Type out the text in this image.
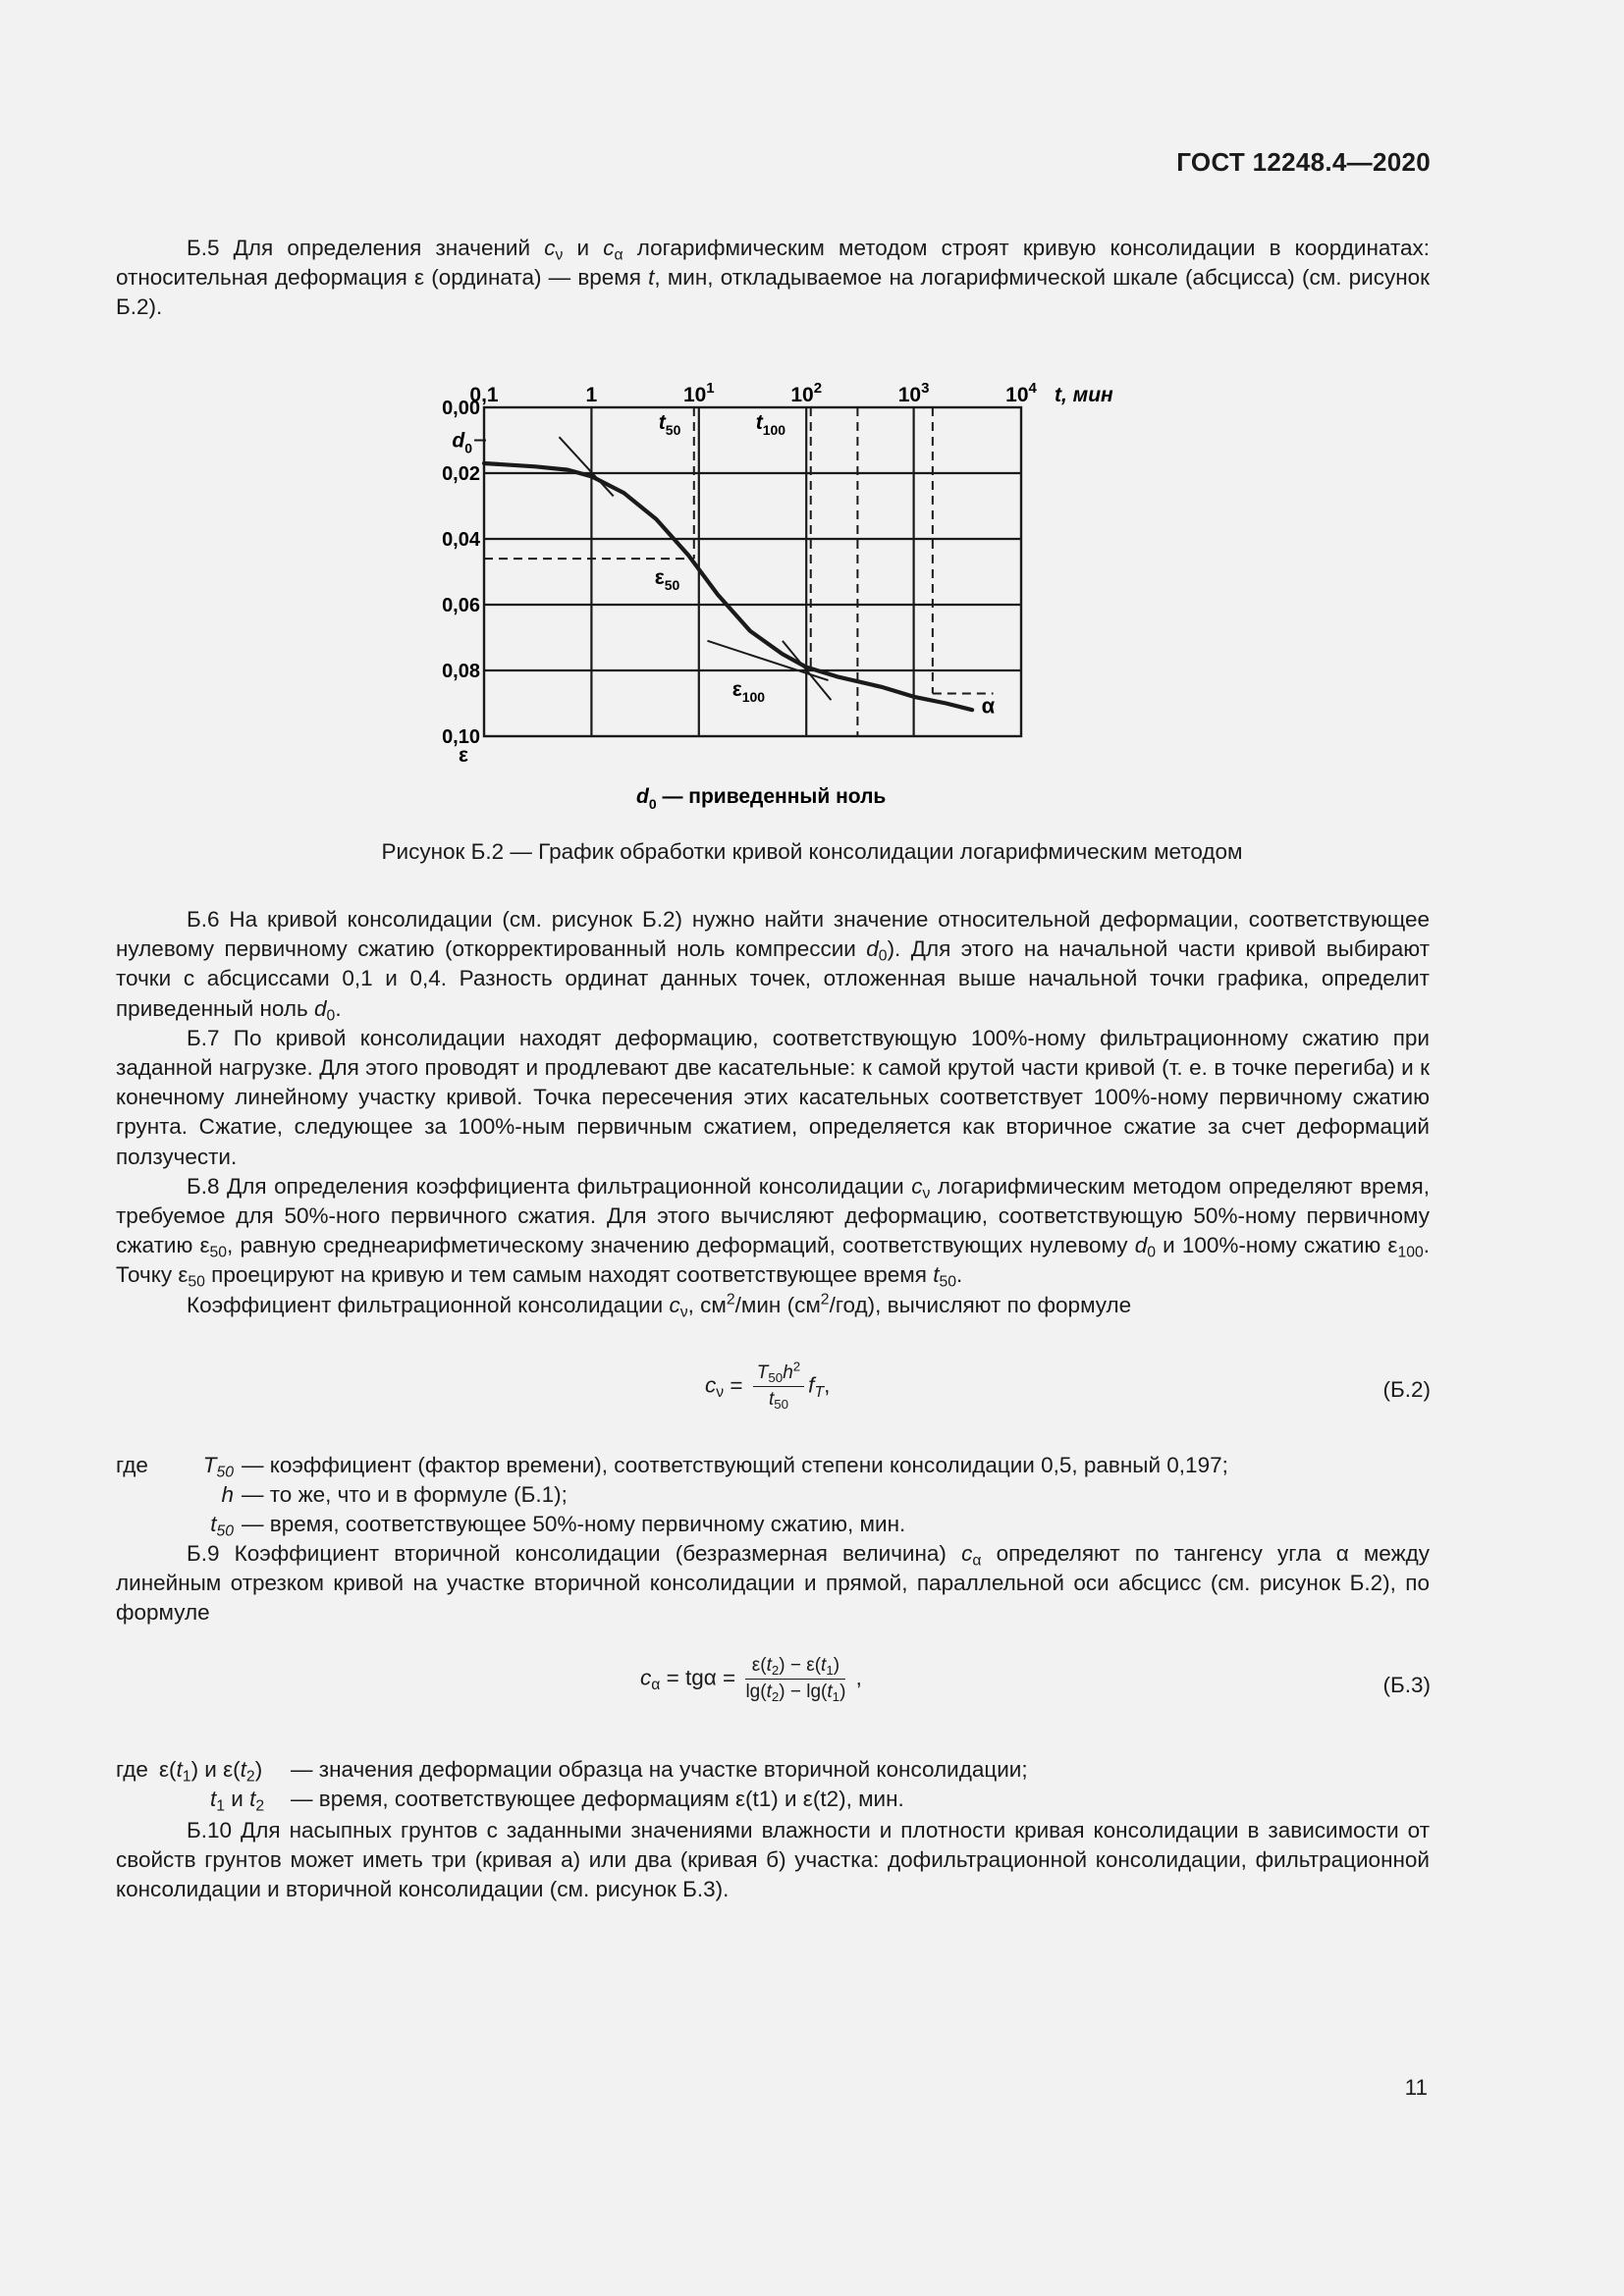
ГОСТ 12248.4—2020

Б.5 Для определения значений $c_\nu$ и $c_\alpha$ логарифмическим методом строят кривую консолидации в координатах: относительная деформация ε (ордината) — время t, мин, откладываемое на логарифмической шкале (абсцисса) (см. рисунок Б.2).

0,1	1	$10^1$	$10^2$	$10^3$	$10^4$ t, мин
0,00
0,02
0,04
0,06
0,08
0,10
ε
$d_0$
$t_{50}$	$t_{100}$
$\varepsilon_{50}$
$\varepsilon_{100}$	α
$d_0$ — приведенный ноль
Рисунок Б.2 — График обработки кривой консолидации логарифмическим методом

Б.6 На кривой консолидации (см. рисунок Б.2) нужно найти значение относительной деформации, соответствующее нулевому первичному сжатию (откорректированный ноль компрессии $d_0$). Для этого на начальной части кривой выбирают точки с абсциссами 0,1 и 0,4. Разность ординат данных точек, отложенная выше начальной точки графика, определит приведенный ноль $d_0$.

Б.7 По кривой консолидации находят деформацию, соответствующую 100%-ному фильтрационному сжатию при заданной нагрузке. Для этого проводят и продлевают две касательные: к самой крутой части кривой (т. е. в точке перегиба) и к конечному линейному участку кривой. Точка пересечения этих касательных соответствует 100%-ному первичному сжатию грунта. Сжатие, следующее за 100%-ным первичным сжатием, определяется как вторичное сжатие за счет деформаций ползучести.

Б.8 Для определения коэффициента фильтрационной консолидации $c_\nu$ логарифмическим методом определяют время, требуемое для 50%-ного первичного сжатия. Для этого вычисляют деформацию, соответствующую 50%-ному первичному сжатию $\varepsilon_{50}$, равную среднеарифметическому значению деформаций, соответствующих нулевому $d_0$ и 100%-ному сжатию $\varepsilon_{100}$. Точку $\varepsilon_{50}$ проецируют на кривую и тем самым находят соответствующее время $t_{50}$.

Коэффициент фильтрационной консолидации $c_\nu$, $см^2$/мин $(см^2/год)$, вычисляют по формуле

$c_\nu = \frac{T_{50}h^2}{t_{50}} f_T$,	(Б.2)
где	$T_{50}$ — коэффициент (фактор времени), соответствующий степени консолидации 0,5, равный 0,197;
h — то же, что и в формуле (Б.1);
$t_{50}$ — время, соответствующее 50%-ному первичному сжатию, мин.

Б.9 Коэффициент вторичной консолидации (безразмерная величина) $c_\alpha$ определяют по тангенсу угла α между линейным отрезком кривой на участке вторичной консолидации и прямой, параллельной оси абсцисс (см. рисунок Б.2), по формуле

$c_\alpha = tg\alpha = \frac{\varepsilon(t_2) - \varepsilon(t_1)}{\lg(t_2) - \lg(t_1)}$ ,	(Б.3)
где $\varepsilon(t_1)$ и $\varepsilon(t_2)$	— значения деформации образца на участке вторичной консолидации;
$t_1$ и $t_2$	— время, соответствующее деформациям ε(t1) и ε(t2), мин.

Б.10 Для насыпных грунтов с заданными значениями влажности и плотности кривая консолидации в зависимости от свойств грунтов может иметь три (кривая а) или два (кривая б) участка: дофильтрационной консолидации, фильтрационной консолидации и вторичной консолидации (см. рисунок Б.3).

11
